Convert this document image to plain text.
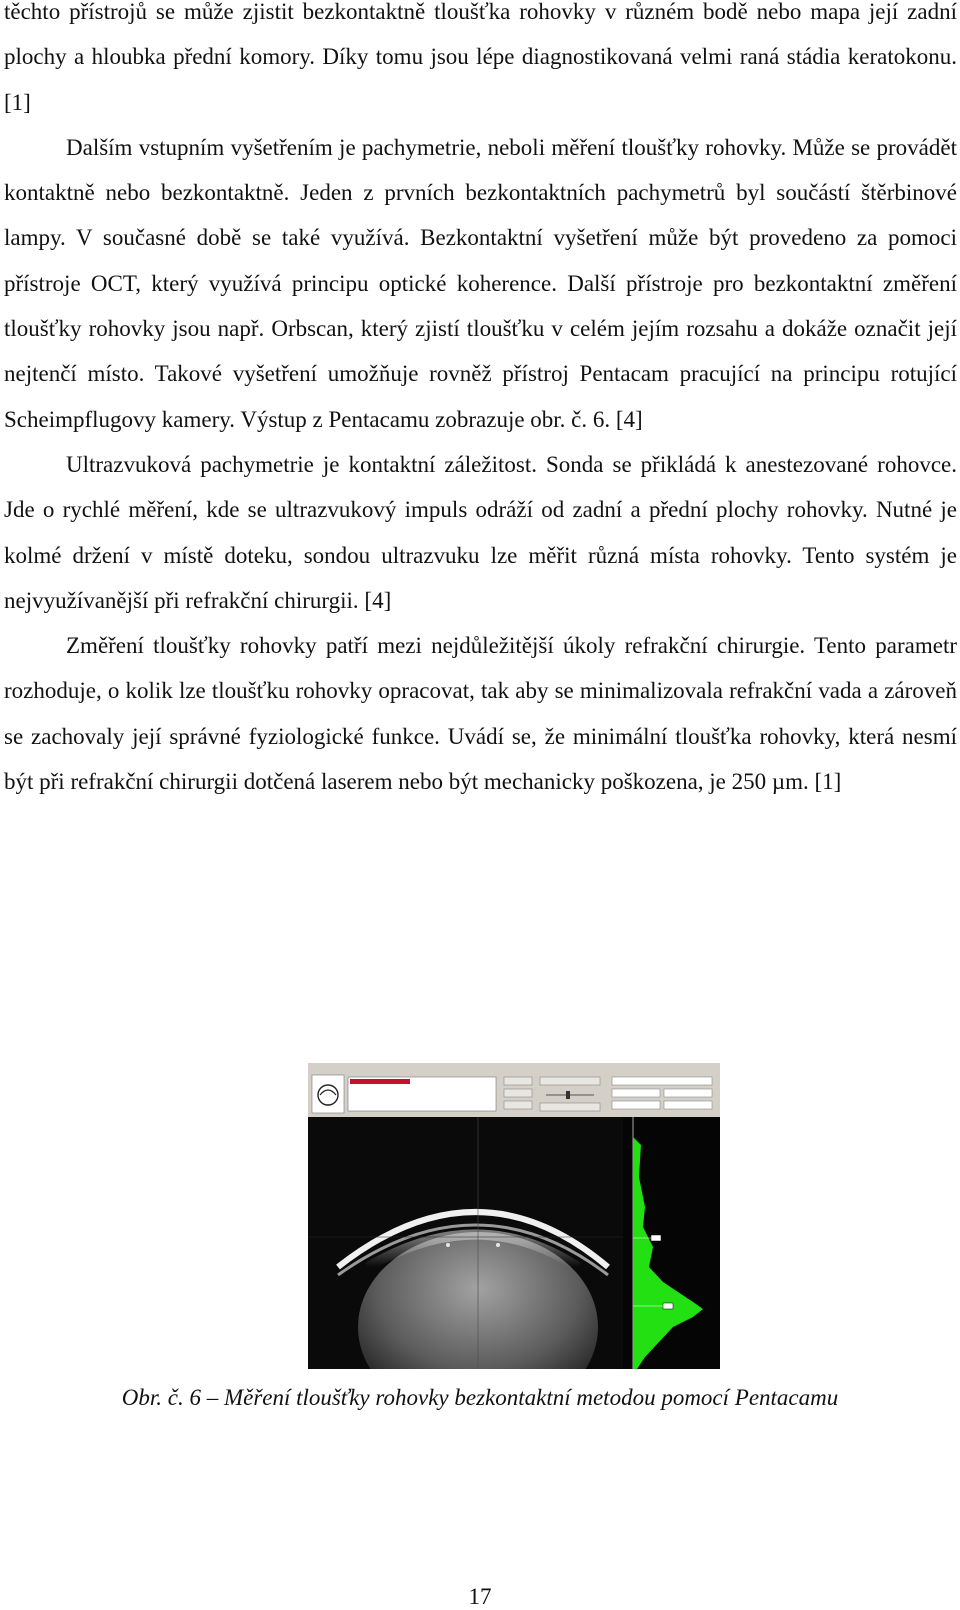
těchto přístrojů se může zjistit bezkontaktně tloušťka rohovky v různém bodě nebo mapa její zadní plochy a hloubka přední komory. Díky tomu jsou lépe diagnostikovaná velmi raná stádia keratokonu. [1]

Dalším vstupním vyšetřením je pachymetrie, neboli měření tloušťky rohovky. Může se provádět kontaktně nebo bezkontaktně. Jeden z prvních bezkontaktních pachymetrů byl součástí štěrbinové lampy. V současné době se také využívá. Bezkontaktní vyšetření může být provedeno za pomoci přístroje OCT, který využívá principu optické koherence. Další přístroje pro bezkontaktní změření tloušťky rohovky jsou např. Orbscan, který zjistí tloušťku v celém jejím rozsahu a dokáže označit její nejtenčí místo. Takové vyšetření umožňuje rovněž přístroj Pentacam pracující na principu rotující Scheimpflugovy kamery. Výstup z Pentacamu zobrazuje obr. č. 6. [4]

Ultrazvuková pachymetrie je kontaktní záležitost. Sonda se přikládá k anestezované rohovce. Jde o rychlé měření, kde se ultrazvukový impuls odráží od zadní a přední plochy rohovky. Nutné je kolmé držení v místě doteku, sondou ultrazvuku lze měřit různá místa rohovky. Tento systém je nejvyužívanější při refrakční chirurgii. [4]

Změření tloušťky rohovky patří mezi nejdůležitější úkoly refrakční chirurgie. Tento parametr rozhoduje, o kolik lze tloušťku rohovky opracovat, tak aby se minimalizovala refrakční vada a zároveň se zachovaly její správné fyziologické funkce. Uvádí se, že minimální tloušťka rohovky, která nesmí být při refrakční chirurgii dotčená laserem nebo být mechanicky poškozena, je 250 µm. [1]

Obr. č. 6 – Měření tloušťky rohovky bezkontaktní metodou pomocí Pentacamu
17
